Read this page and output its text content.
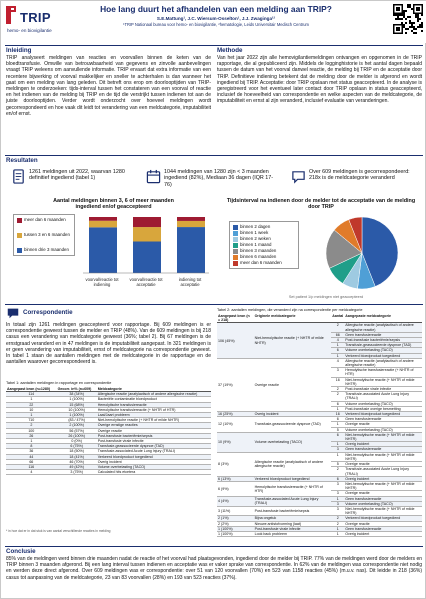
TRIP
hemo- en biovigilantie
Hoe lang duurt het afhandelen van een melding aan TRIP?
S.E.Mattung¹, J.C. Wiersum-Osselton¹, J.J. Zwaginga¹²
¹TRIP Nationaal bureau voor hemo- en biovigilantie, ²hematologie, Leids Universitair Medisch Centrum
Inleiding
TRIP analyseert meldingen van reacties en voorvallen binnen de keten van de bloedtransfusie. Omwille van betrouwbaarheid van gegevens en zinvolle aanbevelingen vraagt TRIP weleens om aanvullende informatie. TRIP ervaart dat extra informatie van een recentere bijwerking of voorval makkelijker en sneller te achterhalen is dan wanneer het gaat om een melding van lang geleden. Dit betreft ons erop om doorlooptijden van TRIP-meldingen te onderzoeken: tijds-interval tussen het constateren van een voorval of reactie en het indienen van de melding bij TRIP en de tijd die verstrijkt tussen indienen tot aan de juiste doorlooptijden. Verder wordt onderzocht over hoeveel meldingen wordt gecorrespondeerd en hoe vaak dit leidt tot verandering van een meldcategorie, imputabiliteit en/of ernst.
Methode
Van het jaar 2022 zijn alle hemovigilantiemeldingen ontvangen en opgenomen in de TRIP rapportage, die al gepubliceerd zijn. Middels de logginghistorie is het aantal dagen bepaald tussen de datum van het voorval danwel reactie, de melding bij TRIP en de acceptatie door TRIP. Definitieve indiening betekent dat de melding door de melder is afgerond en wordt ingediend bij TRIP. Acceptatie: door TRIP opslaan met status geaccepteerd. In de analyse is geregistreerd voor het eventueel later contact door TRIP opslaan in status geaccepteerd, inclusief de hoeveelheid van correspondentie en welke aspecten van de meldcategorie, de imputabiliteit en ernst al zijn veranderd, inclusief evaluatie van veranderingen.
Resultaten
1261 meldingen uit 2022, waarvan 1280 definitief ingediend (tabel 1)
1044 meldingen van 1280 zijn < 3 maanden ingediend (82%), Mediaan 36 dagen (IQR 17-76)
Over 609 meldingen is gecorrespondeerd: 218x is de meldcategorie veranderd
Aantal meldingen binnen 3, 6 of meer maanden ingediend en/of geaccepteerd
meer dan 6 maanden
tussen 3 en 6 maanden
binnen drie 3 maanden
voorval/reactie tot indiening
voorval/reactie tot acceptatie
indiening tot acceptatie
Tijdsinterval na indienen door de melder tot de acceptatie van de melding door TRIP
binnen 2 dagen
binnen 1 week
binnen 2 weken
binnen 1 maand
binnen 3 maanden
binnen 6 maanden
meer dan 6 maanden
Set patient 1/p meldingen niet geaccepteerd
Correspondentie
In totaal zijn 1261 meldingen geaccepteerd voor rapportage. Bij 609 meldingen is er correspondentie geweest tussen de melder en TRIP (48%). Van de 609 meldingen is bij 218 casus een verandering van meldcategorie geweest (36%; tabel 2). Bij 67 meldingen is de ernstgraad veranderd en in 47 meldingen is de imputabiliteit aangepast. In 321 meldingen is er geen verandering van imputabiliteit, ernst of meldcategorie na correspondentie geweest. In tabel 1 staan de aantallen meldingen met de meldcategorie in de rapportage en de aantallen waarover gecorrespondeerd is.
Tabel 1: aantallen meldingen in rapportage en correspondentie
Aangepast bron (n=1280)	Gecorr. in% (n=609)	Meldcategorie
114	38 (34%)	Allergische reactie (anafylactisch of andere allergische reactie)
1	1 (100%)	Bacteriële contaminatie bloedproduct
22	15 (68%)	Hemolytische transfusiereactie
10	10 (100%)	Hemolytische transfusiereactie (+ NHTR of HTR)
1	1 (100%)	Laat/Jaart probleem
710	(83 / 47%)	Niet-hemolytische reactie (+ NHTR of milde NHTR)
2	2 (100%)	Overige ernstige reacties
100	56 (57%)	Overige reactie
26	26 (100%)	Post-transfusie bacteriëmie/sepsis
1	0 (0%)	Post-transfusie virale infectie
8	6 (75%)	Transfusie-geassocieerde dyspnoe (TAD)
36	18 (50%)	Transfusie-associated Acute Lung Injury (TRALI)
44	18 (41%)	Verkeerd bloedproduct toegediend
66	46 (70%)	Overig incident
116	49 (42%)	Volume overbelasting (TACO)
4	3 (75%)	Calculated hits etcetera
* in hoe dat er in dat stuk is van aantal verschillende reacties in melding
Tabel 2: aantallen meldingen, die veranderd zijn na correspondentie per meldcategorie
Aangepast bron (n = 218)	Originele meldcategorie	Aantal	Aangepaste meldcategorie
106 (45%)	Niet-hemolytische reactie (+ NHTR of milde NHTR)	2	Allergische reactie (anafylactisch of andere allergische reactie)
		66	Geen transfusiereactie
		4	Post-transfusie bacteriëmie/sepsis
		1	Transfusie-geassocieerde dyspnoe (TAD)
		6	Volume overbelasting (TACO)
		1	Verkeerd bloedproduct toegediend
37 (19%)	Overige reactie	4	Allergische reactie (anafylactisch of andere allergische reactie)
		3	Hemolytische transfusiereactie (+ NHTR of HTR)
		16	Niet-hemolytische reactie (+ NHTR of milde NHTR)
		2	Post-transfusie virale infectie
		2	Transfusie-associated Acute Lung Injury (TRALI)
		6	Volume overbelasting (TACO)
		1	Post-transfusie overige besmetting
16 (25%)	Overig incident	16	Verkeerd bloedproduct toegediend
12 (10%)	Transfusie-geassocieerde dyspnoe (TAD)	6	Geen transfusiereactie
		1	Overige reactie
		5	Volume overbelasting (TACO)
10 (9%)	Volume overbelasting (TACO)	6	Niet-hemolytische reactie (+ NHTR of milde NHTR)
		1	Overig incident
		3	Geen transfusiereactie
8 (3%)	Allergische reactie (anafylactisch of andere allergische reactie)	1	Niet-hemolytische reactie (+ NHTR of milde NHTR)
		5	Overige reactie
		2	Transfusie-associated Acute Lung Injury (TRALI)
6 (13%)	Verkeerd bloedproduct toegediend	6	Overig incident
6 (9%)	Hemolytische transfusiereactie (+ NHTR of HTR)	3	Niet-hemolytische reactie (+ NHTR of milde NHTR)
		3	Overige reactie
4 (4%)	Transfusie-associated Acute Lung Injury (TRALI)	1	Geen transfusiereactie
		3	Volume overbelasting (TACO)
3 (11%)	Post-transfusie bacteriëmie/sepsis	3	Niet-hemolytische reactie (+ NHTR of milde NHTR)
2 (1%)	Bijna ongeluk	2	Verkeerd bloedproduct toegediend
2 (2%)	Nieuwe antistofvorming (laat)	2	Overige reactie
1 (100%)	Post-transfusie virale infectie	1	Geen transfusiereactie
1 (100%)	Look back probleem	1	Overig incident
Conclusie
85% van de meldingen werd binnen drie maanden nadat de reactie of het voorval had plaatsgevonden, ingediend door de melder bij TRIP. 77% van de meldingen werd door de melders en TRIP binnen 3 maanden afgerond. Bij een lang interval tussen indienen en acceptatie was er vaker sprake van correspondentie. In 62% van de meldingen was correspondentie niet nodig en werden deze direct afgerond. Over 609 meldingen was er correspondentie: over 51 van 120 voorvallen (70%) en 523 van 1158 reacties (45%) (m.u.v. nas). Dit leidde in 218 (36%) casus tot aanpassing van de meldcategorie, 23 van 83 voorvallen (28%) en 193 van 523 reacties (37%).
